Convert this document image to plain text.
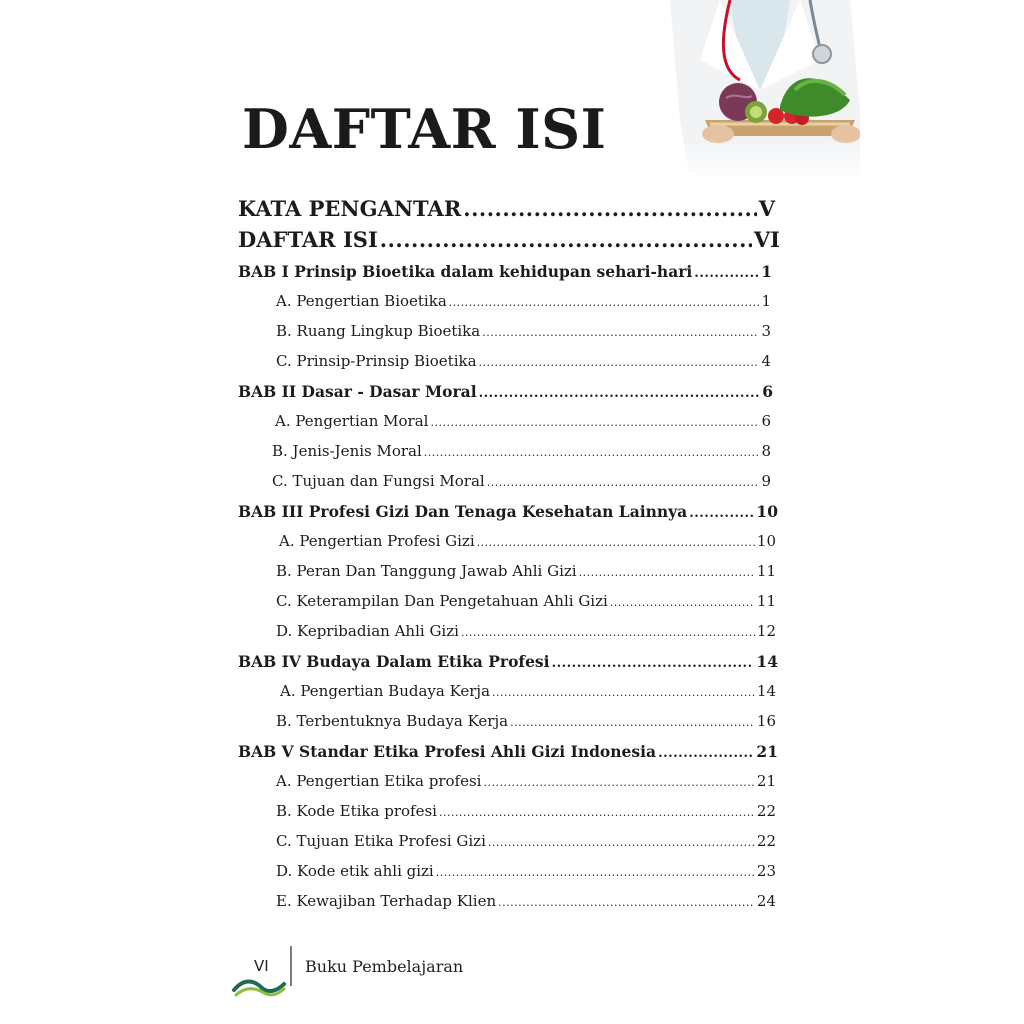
DAFTAR ISI
KATA PENGANTAR .....	V
DAFTAR ISI .....	VI
BAB I Prinsip Bioetika dalam kehidupan sehari-hari .....	1
A. Pengertian Bioetika .....	1
B. Ruang Lingkup Bioetika .....	3
C. Prinsip-Prinsip Bioetika .....	4
BAB II Dasar - Dasar Moral .....	6
A. Pengertian Moral .....	6
B. Jenis-Jenis Moral .....	8
C. Tujuan dan Fungsi Moral .....	9
BAB III Profesi Gizi Dan Tenaga Kesehatan Lainnya .....	10
A. Pengertian Profesi Gizi .....	10
B. Peran Dan Tanggung Jawab Ahli Gizi .....	11
C. Keterampilan Dan Pengetahuan Ahli Gizi .....	11
D. Kepribadian Ahli Gizi .....	12
BAB IV Budaya Dalam Etika Profesi .....	14
A. Pengertian Budaya Kerja .....	14
B. Terbentuknya Budaya Kerja .....	16
BAB V Standar Etika Profesi Ahli Gizi Indonesia .....	21
A. Pengertian Etika profesi .....	21
B. Kode Etika profesi .....	22
C. Tujuan Etika Profesi Gizi .....	22
D. Kode etik ahli gizi .....	23
E. Kewajiban Terhadap Klien .....	24
VI Buku Pembelajaran
